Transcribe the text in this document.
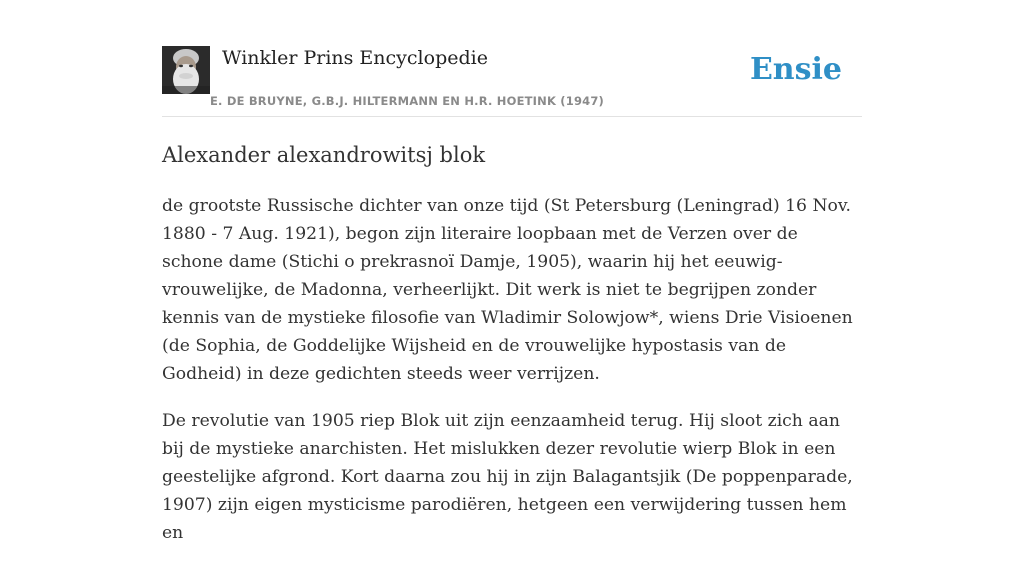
Winkler Prins Encyclopedie
E. DE BRUYNE, G.B.J. HILTERMANN EN H.R. HOETINK (1947)
Ensie
Alexander alexandrowitsj blok

de grootste Russische dichter van onze tijd (St Petersburg (Leningrad) 16 Nov. 1880 - 7 Aug. 1921), begon zijn literaire loopbaan met de Verzen over de schone dame (Stichi o prekrasnoï Damje, 1905), waarin hij het eeuwig-vrouwelijke, de Madonna, verheerlijkt. Dit werk is niet te begrijpen zonder kennis van de mystieke filosofie van Wladimir Solowjow*, wiens Drie Visioenen (de Sophia, de Goddelijke Wijsheid en de vrouwelijke hypostasis van de Godheid) in deze gedichten steeds weer verrijzen.

De revolutie van 1905 riep Blok uit zijn eenzaamheid terug. Hij sloot zich aan bij de mystieke anarchisten. Het mislukken dezer revolutie wierp Blok in een geestelijke afgrond. Kort daarna zou hij in zijn Balagantsjik (De poppenparade, 1907) zijn eigen mysticisme parodiëren, hetgeen een verwijdering tussen hem en
